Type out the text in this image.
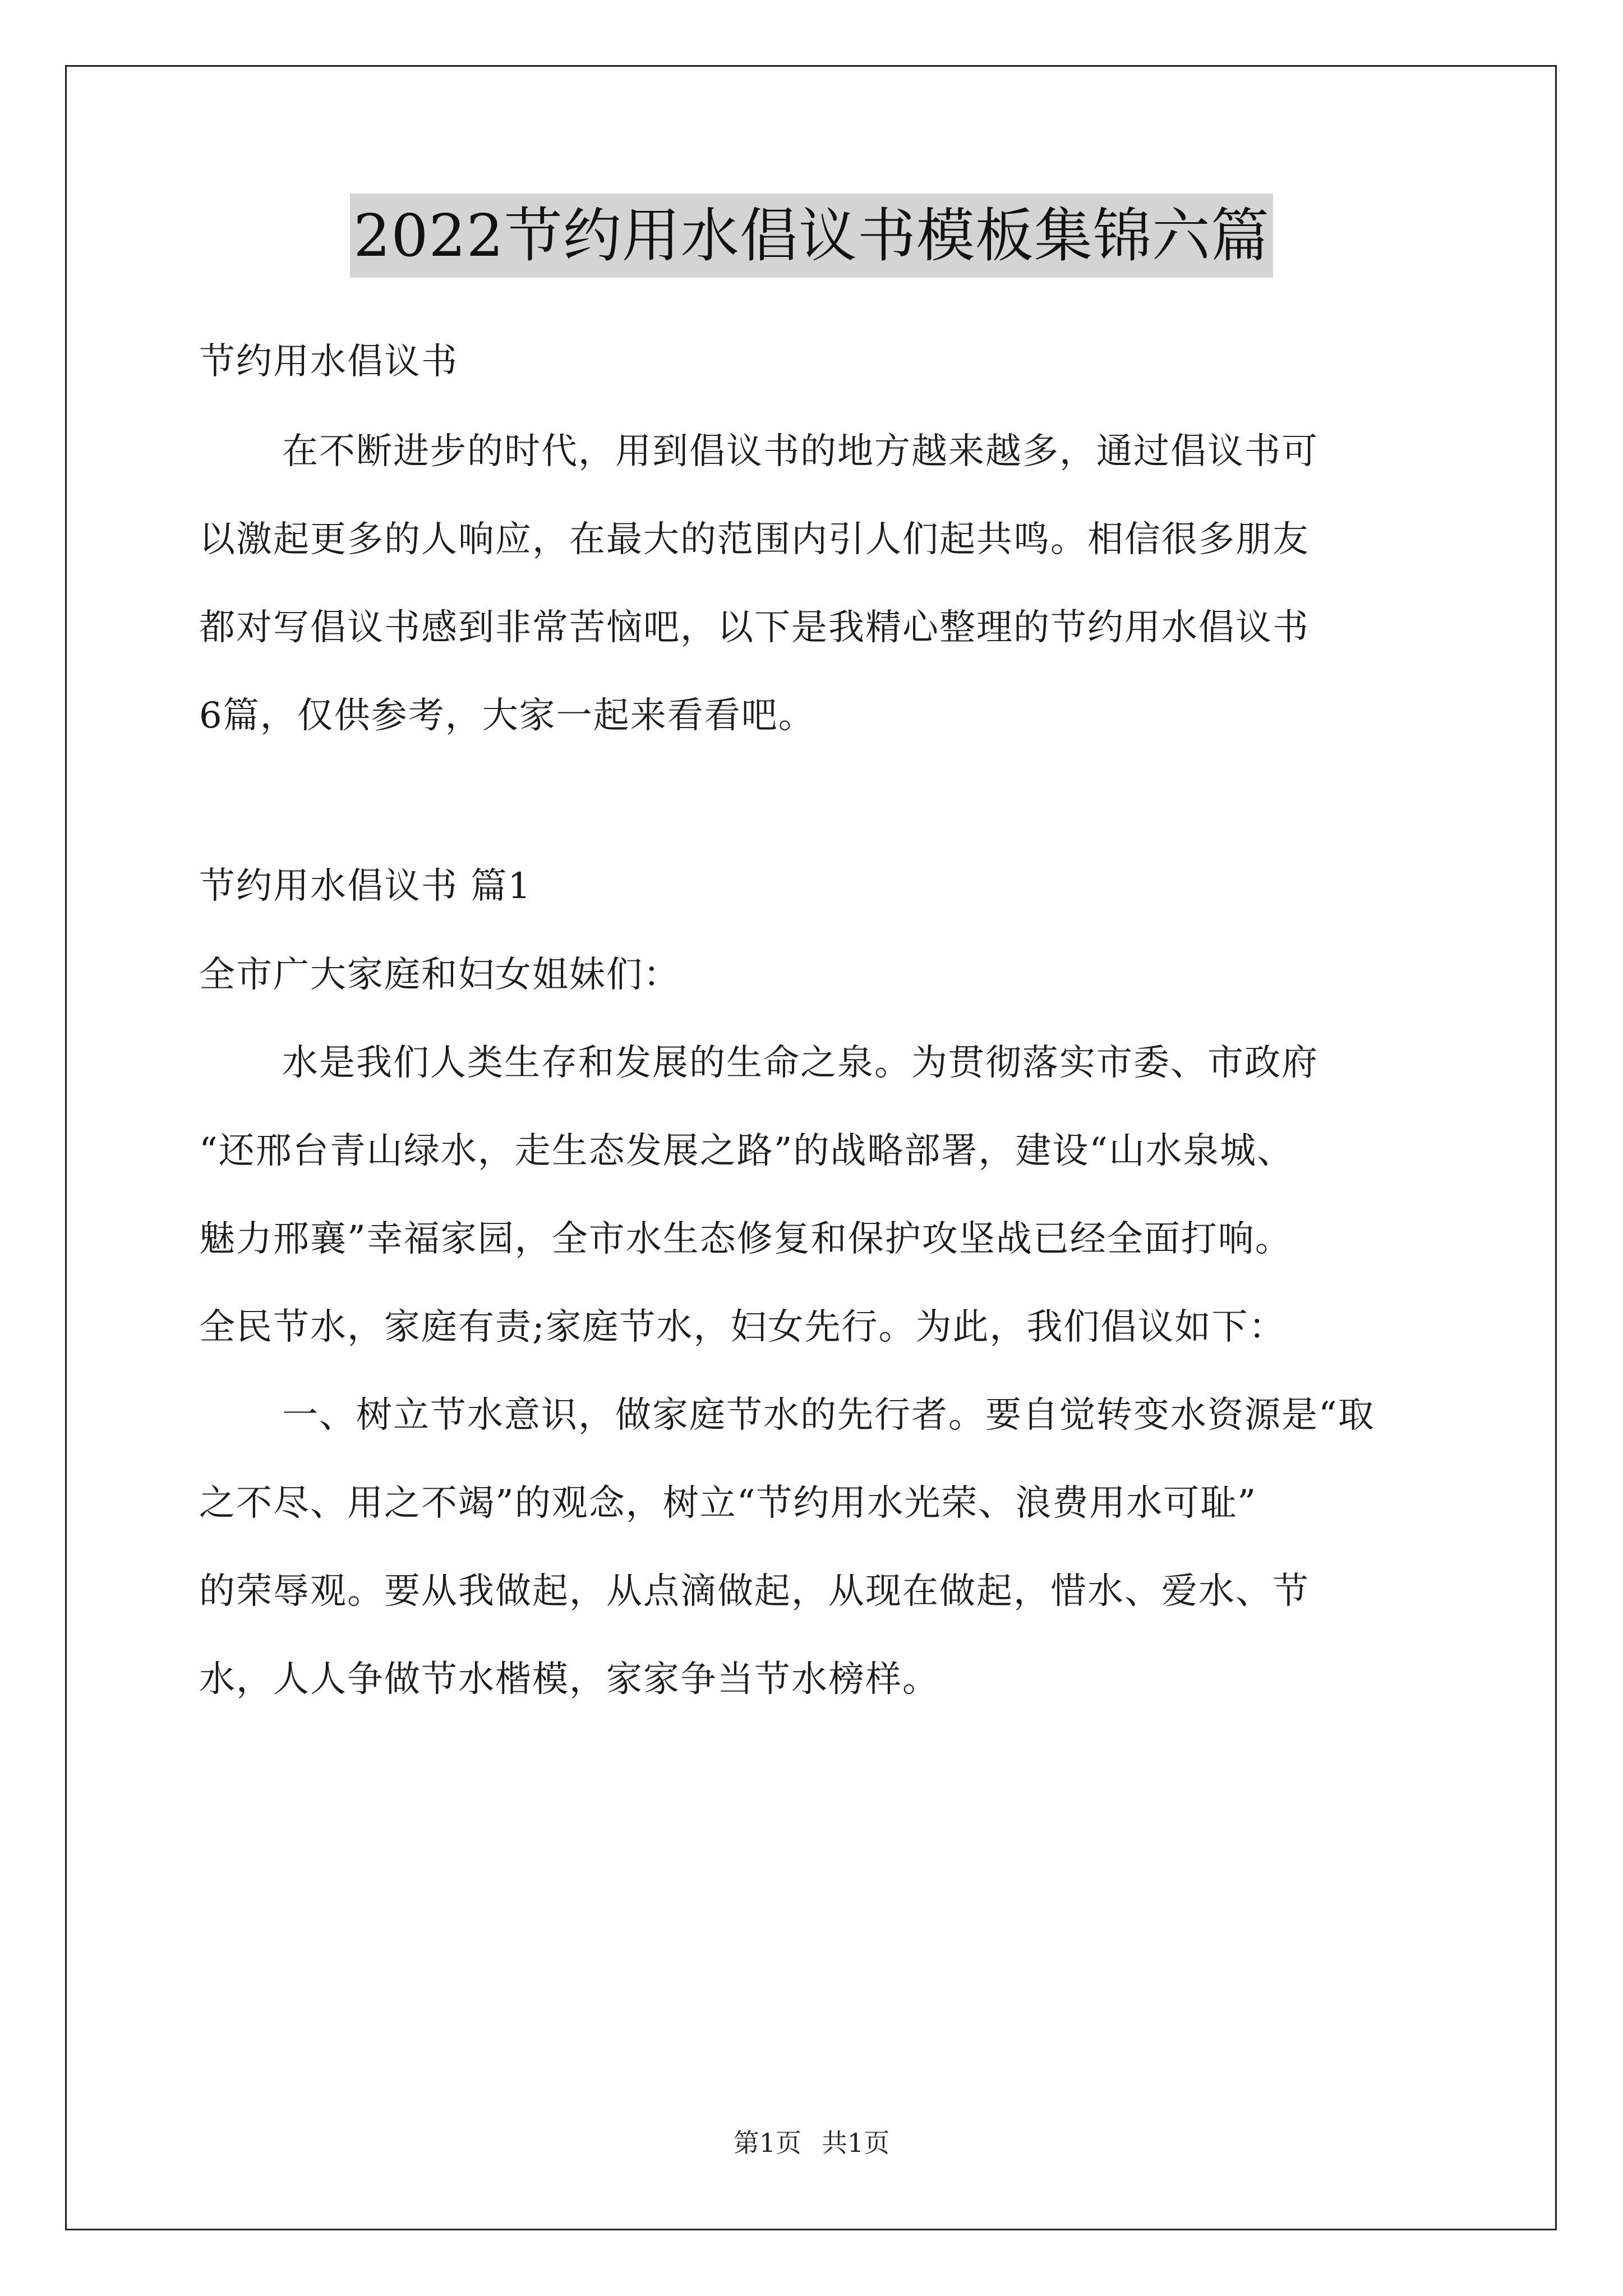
2022节约用水倡议书模板集锦六篇
节约用水倡议书
在不断进步的时代，用到倡议书的地方越来越多，通过倡议书可
以激起更多的人响应，在最大的范围内引人们起共鸣。相信很多朋友
都对写倡议书感到非常苦恼吧，以下是我精心整理的节约用水倡议书
6篇，仅供参考，大家一起来看看吧。
节约用水倡议书 篇1
全市广大家庭和妇女姐妹们：
水是我们人类生存和发展的生命之泉。为贯彻落实市委、市政府
“还邢台青山绿水，走生态发展之路”的战略部署，建设“山水泉城、
魅力邢襄”幸福家园，全市水生态修复和保护攻坚战已经全面打响。
全民节水，家庭有责;家庭节水，妇女先行。为此，我们倡议如下：
一、树立节水意识，做家庭节水的先行者。要自觉转变水资源是“取
之不尽、用之不竭”的观念，树立“节约用水光荣、浪费用水可耻”
的荣辱观。要从我做起，从点滴做起，从现在做起，惜水、爱水、节
水，人人争做节水楷模，家家争当节水榜样。
第1页 共1页
